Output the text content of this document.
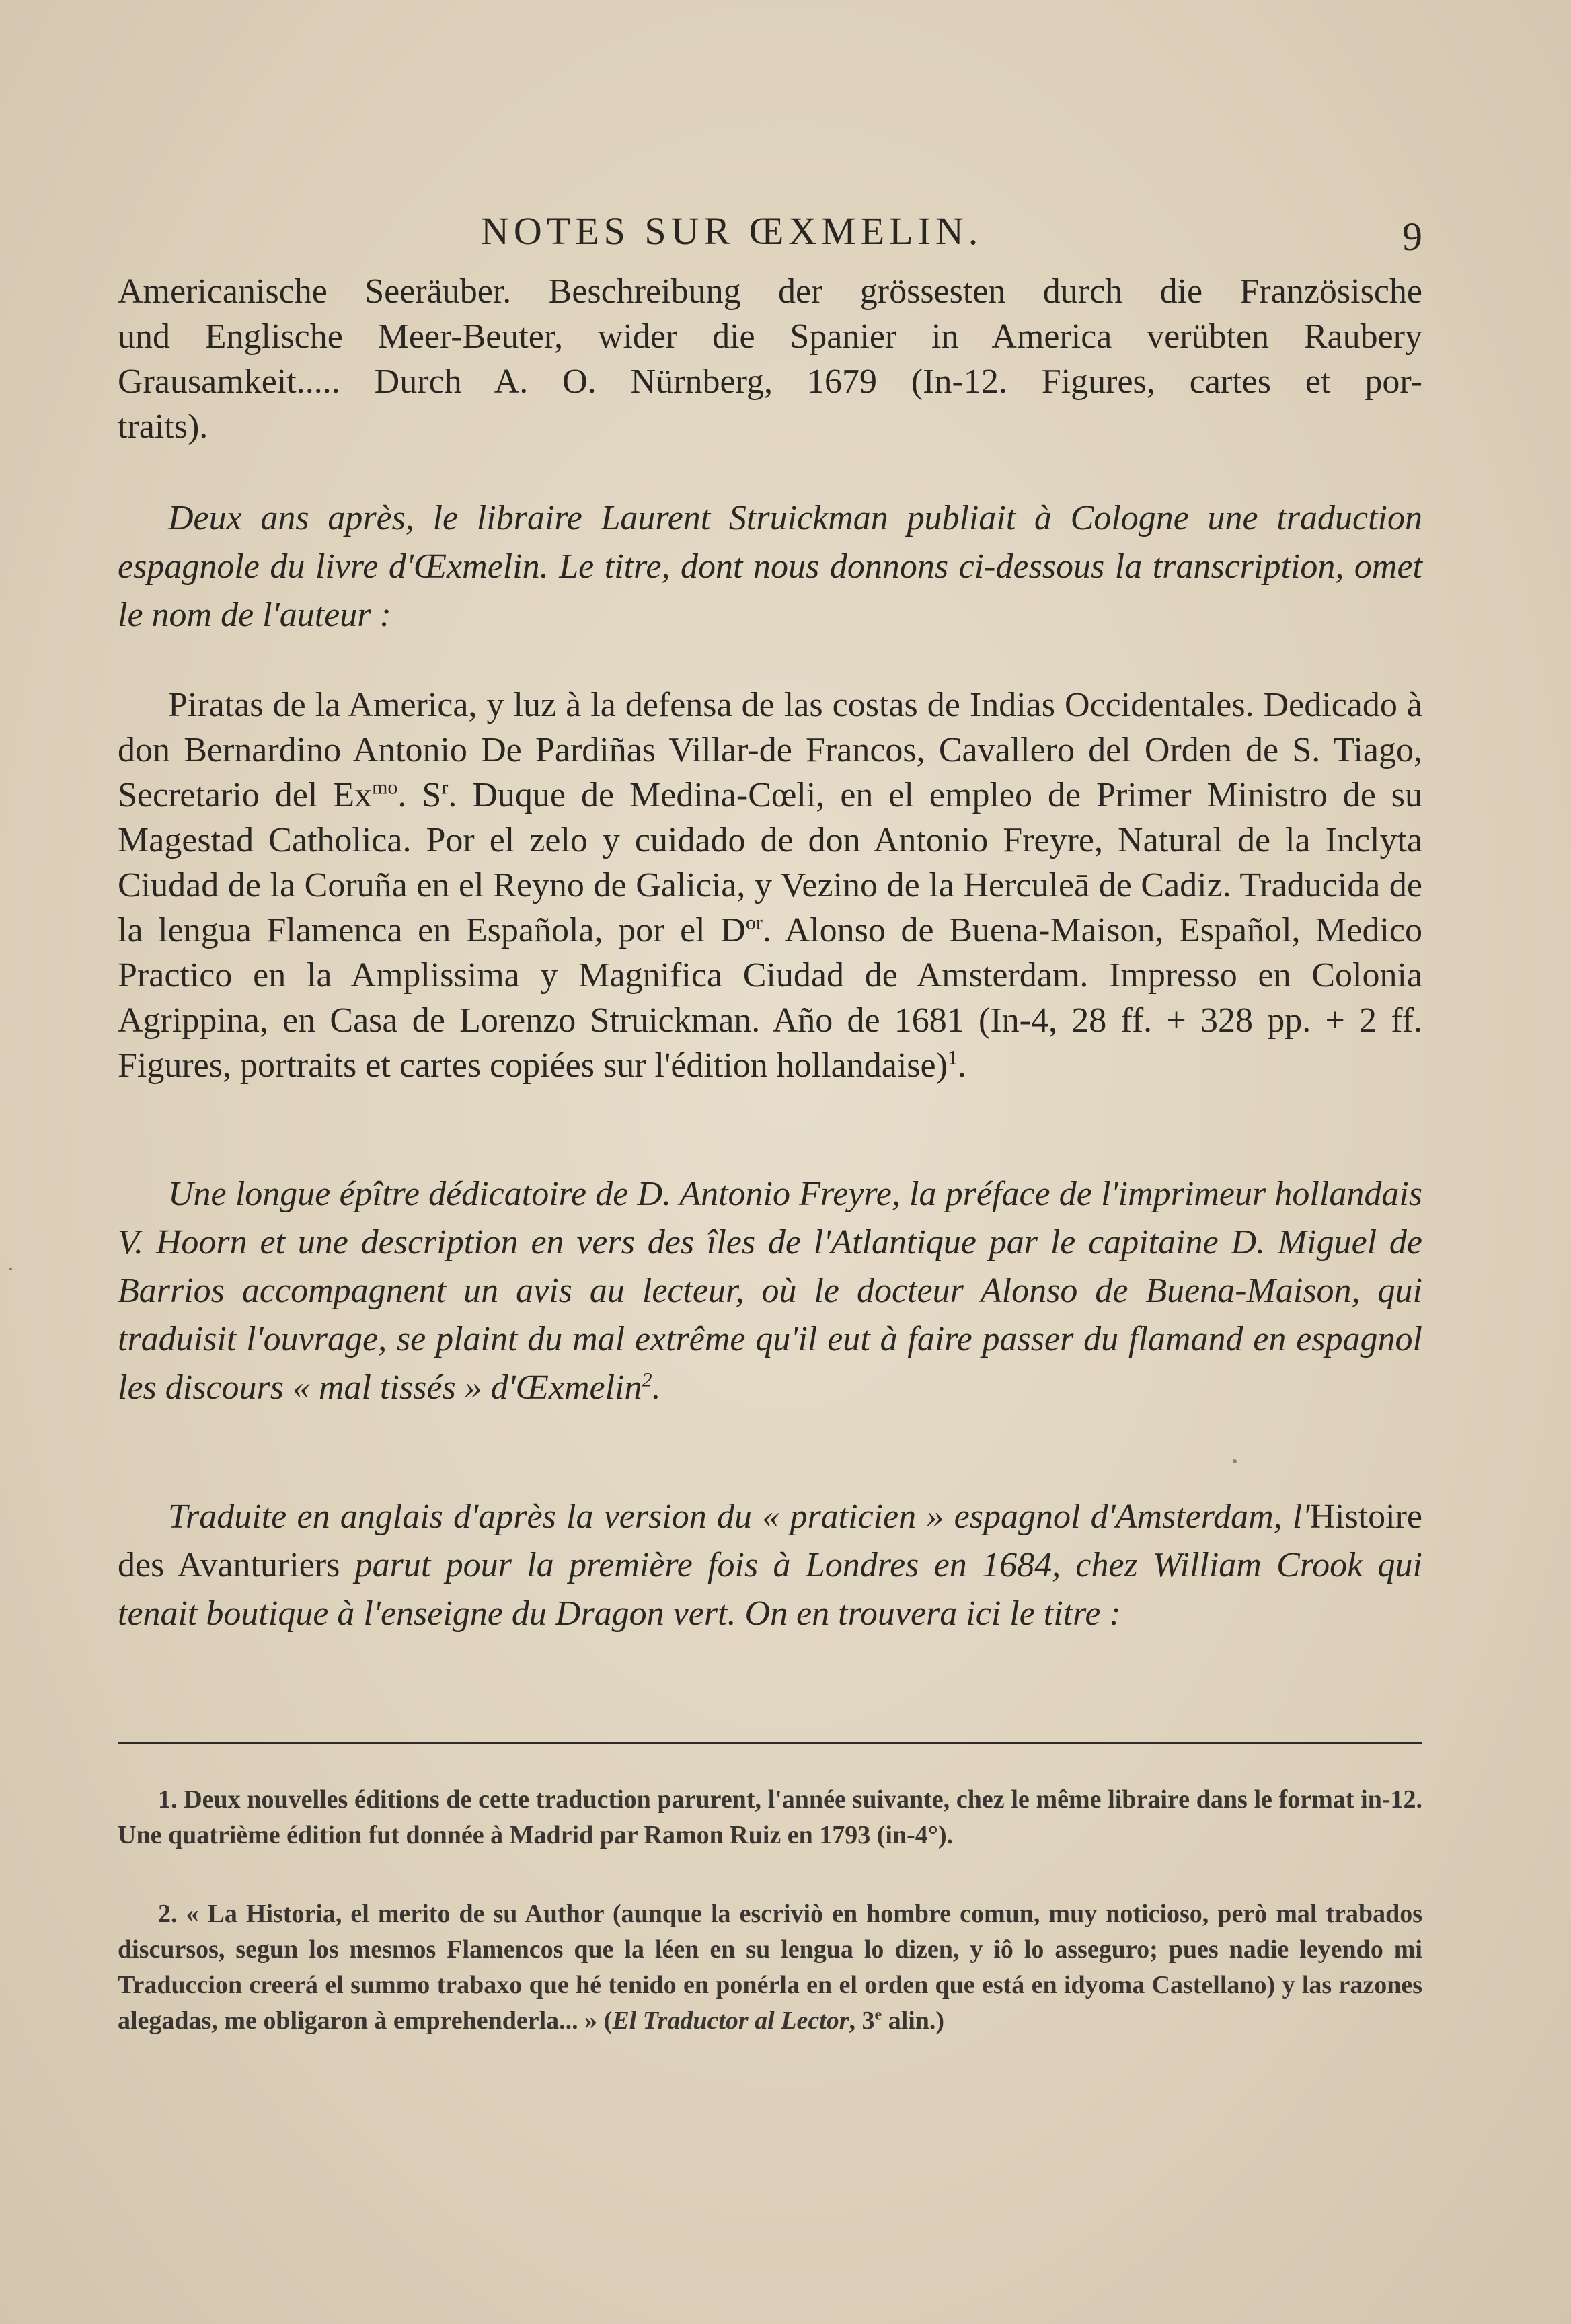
NOTES SUR ŒXMELIN.	9
Americanische Seeräuber. Beschreibung der grössesten durch die Französische
und Englische Meer-Beuter, wider die Spanier in America verübten Raubery
Grausamkeit..... Durch A. O. Nürnberg, 1679 (In-12. Figures, cartes et por-
traits).

Deux ans après, le libraire Laurent Struickman publiait à Cologne une traduction espagnole du livre d'Œxmelin. Le titre, dont nous donnons ci-dessous la transcription, omet le nom de l'auteur :

Piratas de la America, y luz à la defensa de las costas de Indias Occidentales. Dedicado à don Bernardino Antonio De Pardiñas Villar-de Francos, Cavallero del Orden de S. Tiago, Secretario del $Ex^{mo}$. $S^r$. Duque de Medina-Cœli, en el empleo de Primer Ministro de su Magestad Catholica. Por el zelo y cuidado de don Antonio Freyre, Natural de la Inclyta Ciudad de la Coruña en el Reyno de Galicia, y Vezino de la Herculeā de Cadiz. Traducida de la lengua Flamenca en Española, por el $D^{or}$. Alonso de Buena-Maison, Español, Medico Practico en la Amplissima y Magnifica Ciudad de Amsterdam. Impresso en Colonia Agrippina, en Casa de Lorenzo Struickman. Año de 1681 (In-4, 28 ff. + 328 pp. + 2 ff. Figures, portraits et cartes copiées sur l'édition hollandaise)$^1$.

Une longue épître dédicatoire de D. Antonio Freyre, la préface de l'imprimeur hollandais V. Hoorn et une description en vers des îles de l'Atlantique par le capitaine D. Miguel de Barrios accompagnent un avis au lecteur, où le docteur Alonso de Buena-Maison, qui traduisit l'ouvrage, se plaint du mal extrême qu'il eut à faire passer du flamand en espagnol les discours « mal tissés » d'Œxmelin$^2$.

Traduite en anglais d'après la version du « praticien » espagnol d'Amsterdam, l'Histoire des Avanturiers parut pour la première fois à Londres en 1684, chez William Crook qui tenait boutique à l'enseigne du Dragon vert. On en trouvera ici le titre :

1. Deux nouvelles éditions de cette traduction parurent, l'année suivante, chez le même libraire dans le format in-12. Une quatrième édition fut donnée à Madrid par Ramon Ruiz en 1793 (in-4°).

2. « La Historia, el merito de su Author (aunque la escriviò en hombre comun, muy noticioso, però mal trabados discursos, segun los mesmos Flamencos que la léen en su lengua lo dizen, y iô lo asseguro; pues nadie leyendo mi Traduccion creerá el summo trabaxo que hé tenido en ponérla en el orden que está en idyoma Castellano) y las razones alegadas, me obligaron à emprehenderla... » (El Traductor al Lector, 3e alin.)
